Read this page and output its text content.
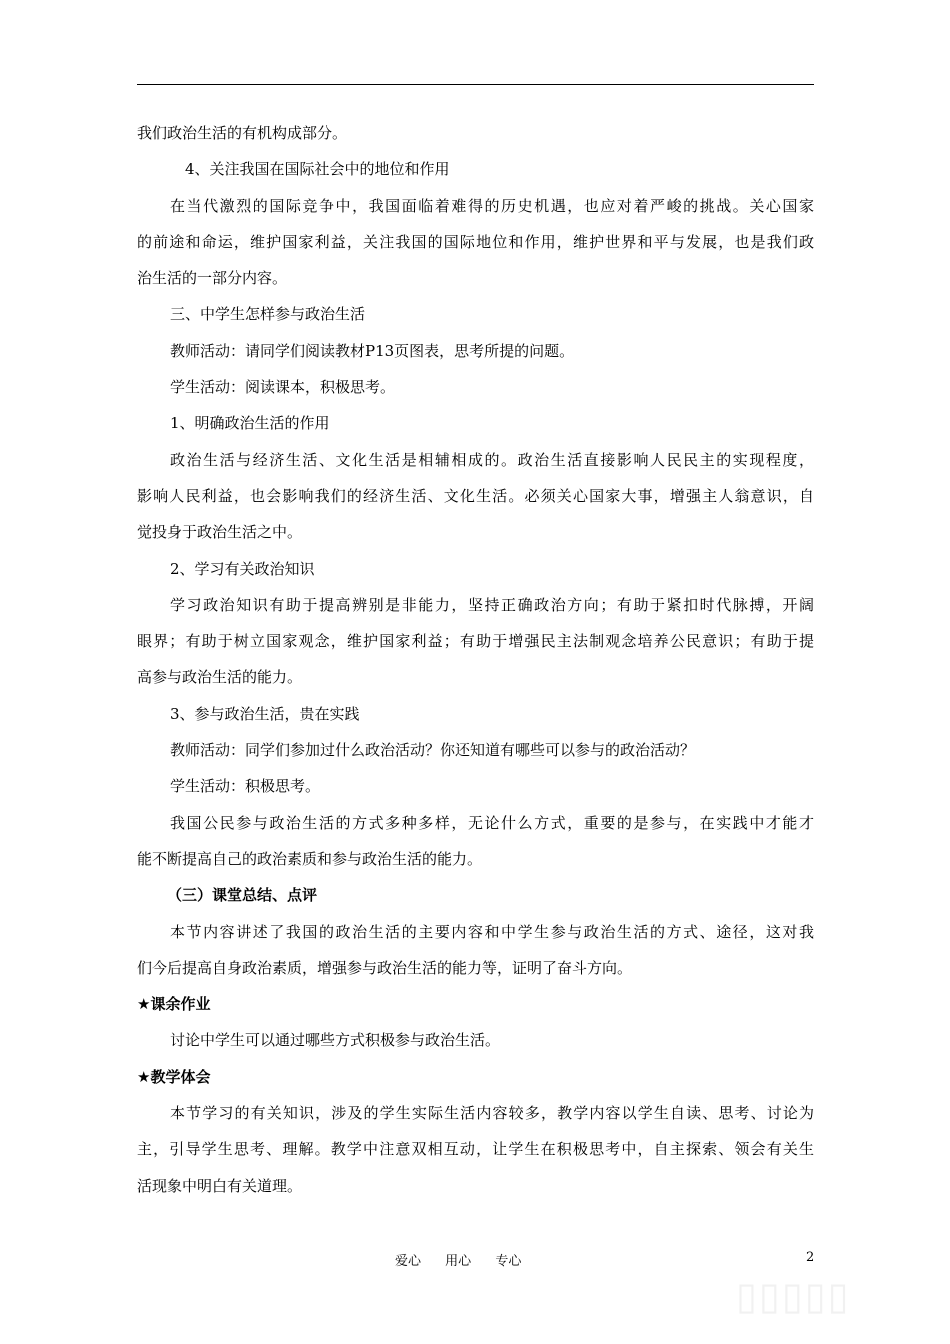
我们政治生活的有机构成部分。
4、关注我国在国际社会中的地位和作用
在当代激烈的国际竞争中，我国面临着难得的历史机遇，也应对着严峻的挑战。关心国家
的前途和命运，维护国家利益，关注我国的国际地位和作用，维护世界和平与发展，也是我们政
治生活的一部分内容。
三、中学生怎样参与政治生活
教师活动：请同学们阅读教材P13页图表，思考所提的问题。
学生活动：阅读课本，积极思考。
1、明确政治生活的作用
政治生活与经济生活、文化生活是相辅相成的。政治生活直接影响人民民主的实现程度，
影响人民利益，也会影响我们的经济生活、文化生活。必须关心国家大事，增强主人翁意识，自
觉投身于政治生活之中。
2、学习有关政治知识
学习政治知识有助于提高辨别是非能力，坚持正确政治方向；有助于紧扣时代脉搏，开阔
眼界；有助于树立国家观念，维护国家利益；有助于增强民主法制观念培养公民意识；有助于提
高参与政治生活的能力。
3、参与政治生活，贵在实践
教师活动：同学们参加过什么政治活动？你还知道有哪些可以参与的政治活动？
学生活动：积极思考。
我国公民参与政治生活的方式多种多样，无论什么方式，重要的是参与，在实践中才能才
能不断提高自己的政治素质和参与政治生活的能力。
（三）课堂总结、点评
本节内容讲述了我国的政治生活的主要内容和中学生参与政治生活的方式、途径，这对我
们今后提高自身政治素质，增强参与政治生活的能力等，证明了奋斗方向。
★课余作业
讨论中学生可以通过哪些方式积极参与政治生活。
★教学体会
本节学习的有关知识，涉及的学生实际生活内容较多，教学内容以学生自读、思考、讨论为
主，引导学生思考、理解。教学中注意双相互动，让学生在积极思考中，自主探索、领会有关生
活现象中明白有关道理。
爱心 用心 专心	2
▯▯▯▯▯
